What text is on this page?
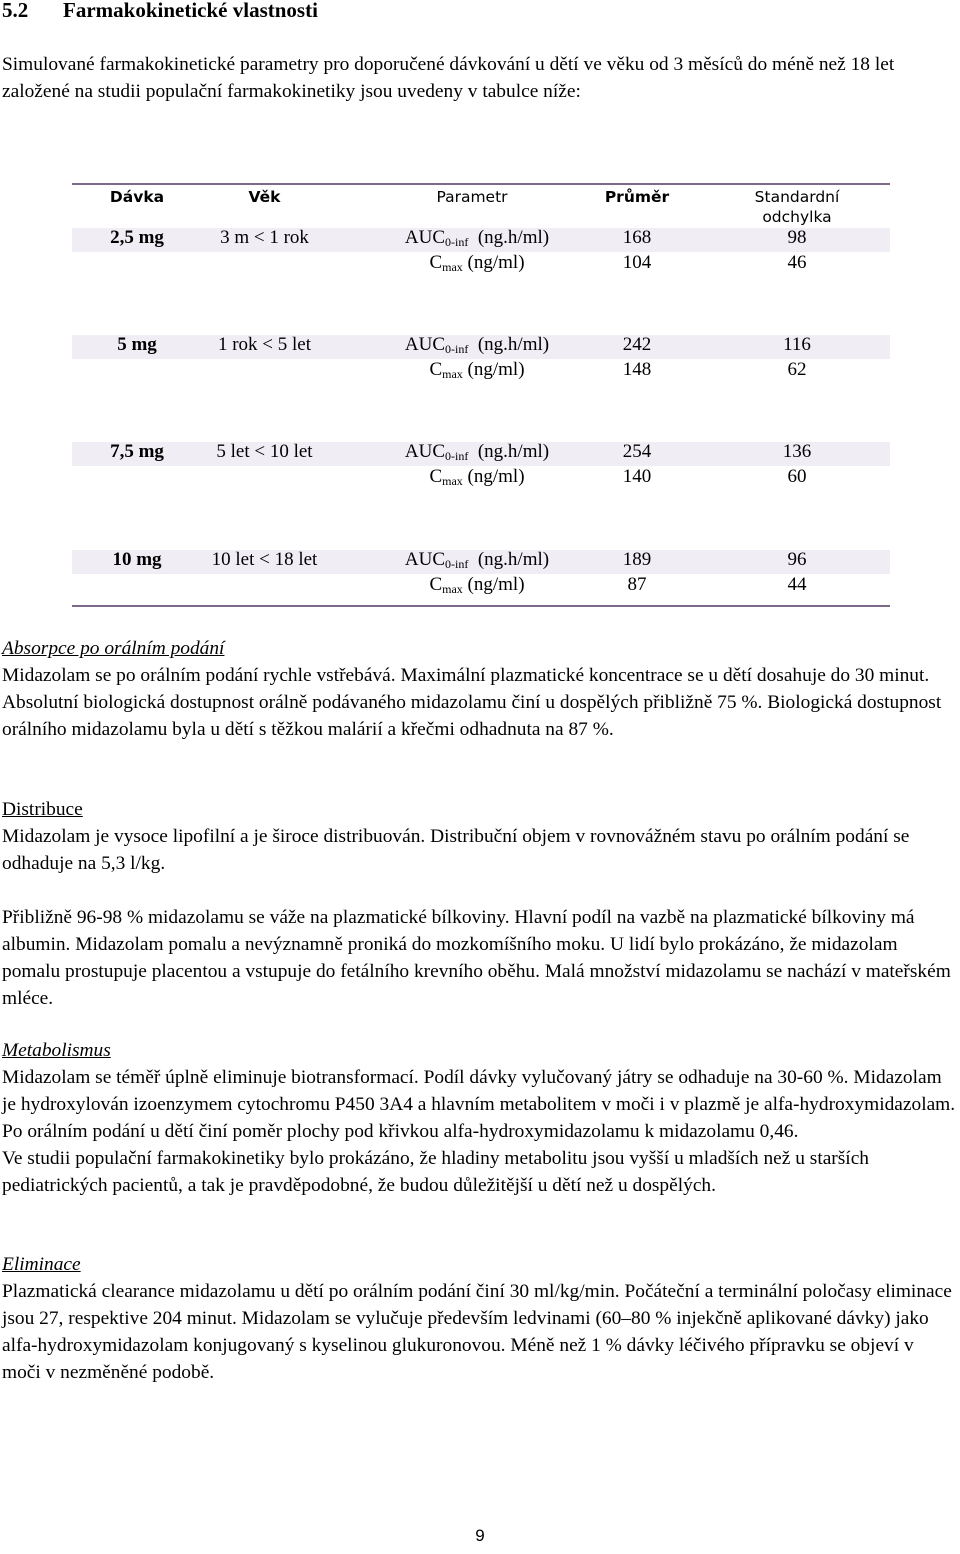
5.2 Farmakokinetické vlastnosti
Simulované farmakokinetické parametry pro doporučené dávkování u dětí ve věku od 3 měsíců do méně než 18 let založené na studii populační farmakokinetiky jsou uvedeny v tabulce níže:
Dávka	Věk	Parametr	Průměr	Standardní
odchylka
2,5 mg	3 m < 1 rok	$AUC_{0-inf}$ (ng.h/ml)	168	98
$C_{max}$ (ng/ml)	104	46
5 mg	1 rok < 5 let	$AUC_{0-inf}$ (ng.h/ml)	242	116
$C_{max}$ (ng/ml)	148	62
7,5 mg	5 let < 10 let	$AUC_{0-inf}$ (ng.h/ml)	254	136
$C_{max}$ (ng/ml)	140	60
10 mg	10 let < 18 let	$AUC_{0-inf}$ (ng.h/ml)	189	96
$C_{max}$ (ng/ml)	87	44

Absorpce po orálním podání

Midazolam se po orálním podání rychle vstřebává. Maximální plazmatické koncentrace se u dětí dosahuje do 30 minut. Absolutní biologická dostupnost orálně podávaného midazolamu činí u dospělých přibližně 75 %. Biologická dostupnost orálního midazolamu byla u dětí s těžkou malárií a křečmi odhadnuta na 87 %.

Distribuce

Midazolam je vysoce lipofilní a je široce distribuován. Distribuční objem v rovnovážném stavu po orálním podání se odhaduje na 5,3 l/kg.

Přibližně 96-98 % midazolamu se váže na plazmatické bílkoviny. Hlavní podíl na vazbě na plazmatické bílkoviny má albumin. Midazolam pomalu a nevýznamně proniká do mozkomíšního moku. U lidí bylo prokázáno, že midazolam pomalu prostupuje placentou a vstupuje do fetálního krevního oběhu. Malá množství midazolamu se nachází v mateřském mléce.

Metabolismus

Midazolam se téměř úplně eliminuje biotransformací. Podíl dávky vylučovaný játry se odhaduje na 30-60 %. Midazolam je hydroxylován izoenzymem cytochromu P450 3A4 a hlavním metabolitem v moči i v plazmě je alfa-hydroxymidazolam. Po orálním podání u dětí činí poměr plochy pod křivkou alfa-hydroxymidazolamu k midazolamu 0,46.

Ve studii populační farmakokinetiky bylo prokázáno, že hladiny metabolitu jsou vyšší u mladších než u starších pediatrických pacientů, a tak je pravděpodobné, že budou důležitější u dětí než u dospělých.

Eliminace

Plazmatická clearance midazolamu u dětí po orálním podání činí 30 ml/kg/min. Počáteční a terminální poločasy eliminace jsou 27, respektive 204 minut. Midazolam se vylučuje především ledvinami (60–80 % injekčně aplikované dávky) jako alfa-hydroxymidazolam konjugovaný s kyselinou glukuronovou. Méně než 1 % dávky léčivého přípravku se objeví v moči v nezměněné podobě.

9
